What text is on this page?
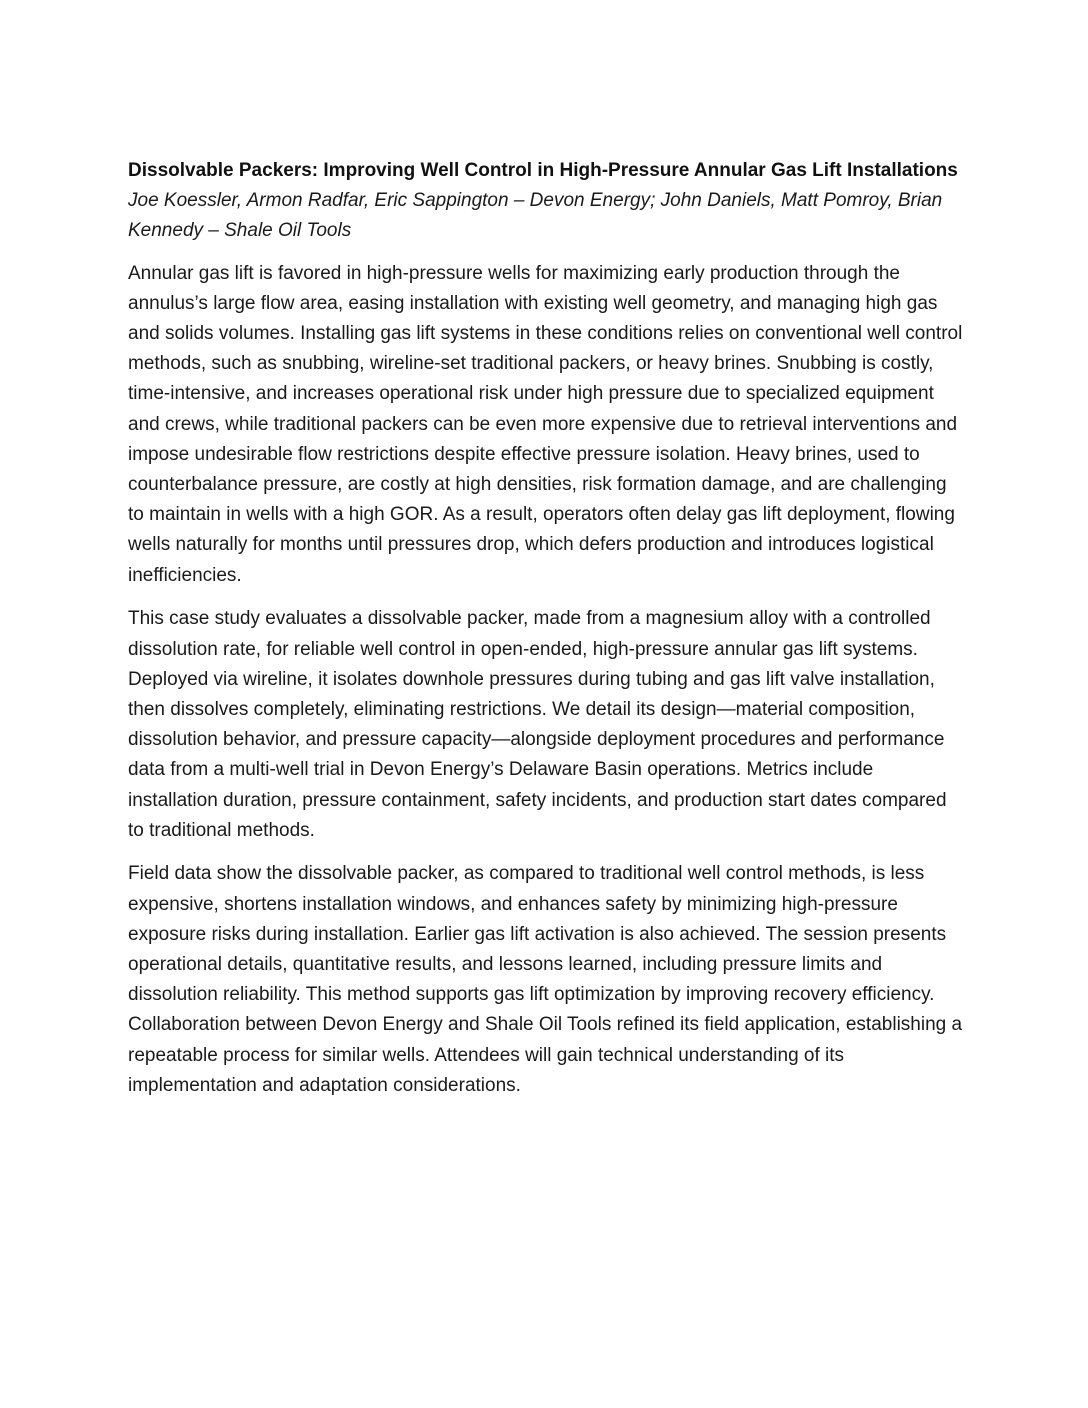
Dissolvable Packers: Improving Well Control in High-Pressure Annular Gas Lift Installations

Joe Koessler, Armon Radfar, Eric Sappington – Devon Energy; John Daniels, Matt Pomroy, Brian Kennedy – Shale Oil Tools

Annular gas lift is favored in high-pressure wells for maximizing early production through the annulus’s large flow area, easing installation with existing well geometry, and managing high gas and solids volumes. Installing gas lift systems in these conditions relies on conventional well control methods, such as snubbing, wireline-set traditional packers, or heavy brines. Snubbing is costly, time-intensive, and increases operational risk under high pressure due to specialized equipment and crews, while traditional packers can be even more expensive due to retrieval interventions and impose undesirable flow restrictions despite effective pressure isolation. Heavy brines, used to counterbalance pressure, are costly at high densities, risk formation damage, and are challenging to maintain in wells with a high GOR. As a result, operators often delay gas lift deployment, flowing wells naturally for months until pressures drop, which defers production and introduces logistical inefficiencies.

This case study evaluates a dissolvable packer, made from a magnesium alloy with a controlled dissolution rate, for reliable well control in open-ended, high-pressure annular gas lift systems. Deployed via wireline, it isolates downhole pressures during tubing and gas lift valve installation, then dissolves completely, eliminating restrictions. We detail its design—material composition, dissolution behavior, and pressure capacity—alongside deployment procedures and performance data from a multi-well trial in Devon Energy’s Delaware Basin operations. Metrics include installation duration, pressure containment, safety incidents, and production start dates compared to traditional methods.

Field data show the dissolvable packer, as compared to traditional well control methods, is less expensive, shortens installation windows, and enhances safety by minimizing high-pressure exposure risks during installation. Earlier gas lift activation is also achieved. The session presents operational details, quantitative results, and lessons learned, including pressure limits and dissolution reliability. This method supports gas lift optimization by improving recovery efficiency. Collaboration between Devon Energy and Shale Oil Tools refined its field application, establishing a repeatable process for similar wells. Attendees will gain technical understanding of its implementation and adaptation considerations.
